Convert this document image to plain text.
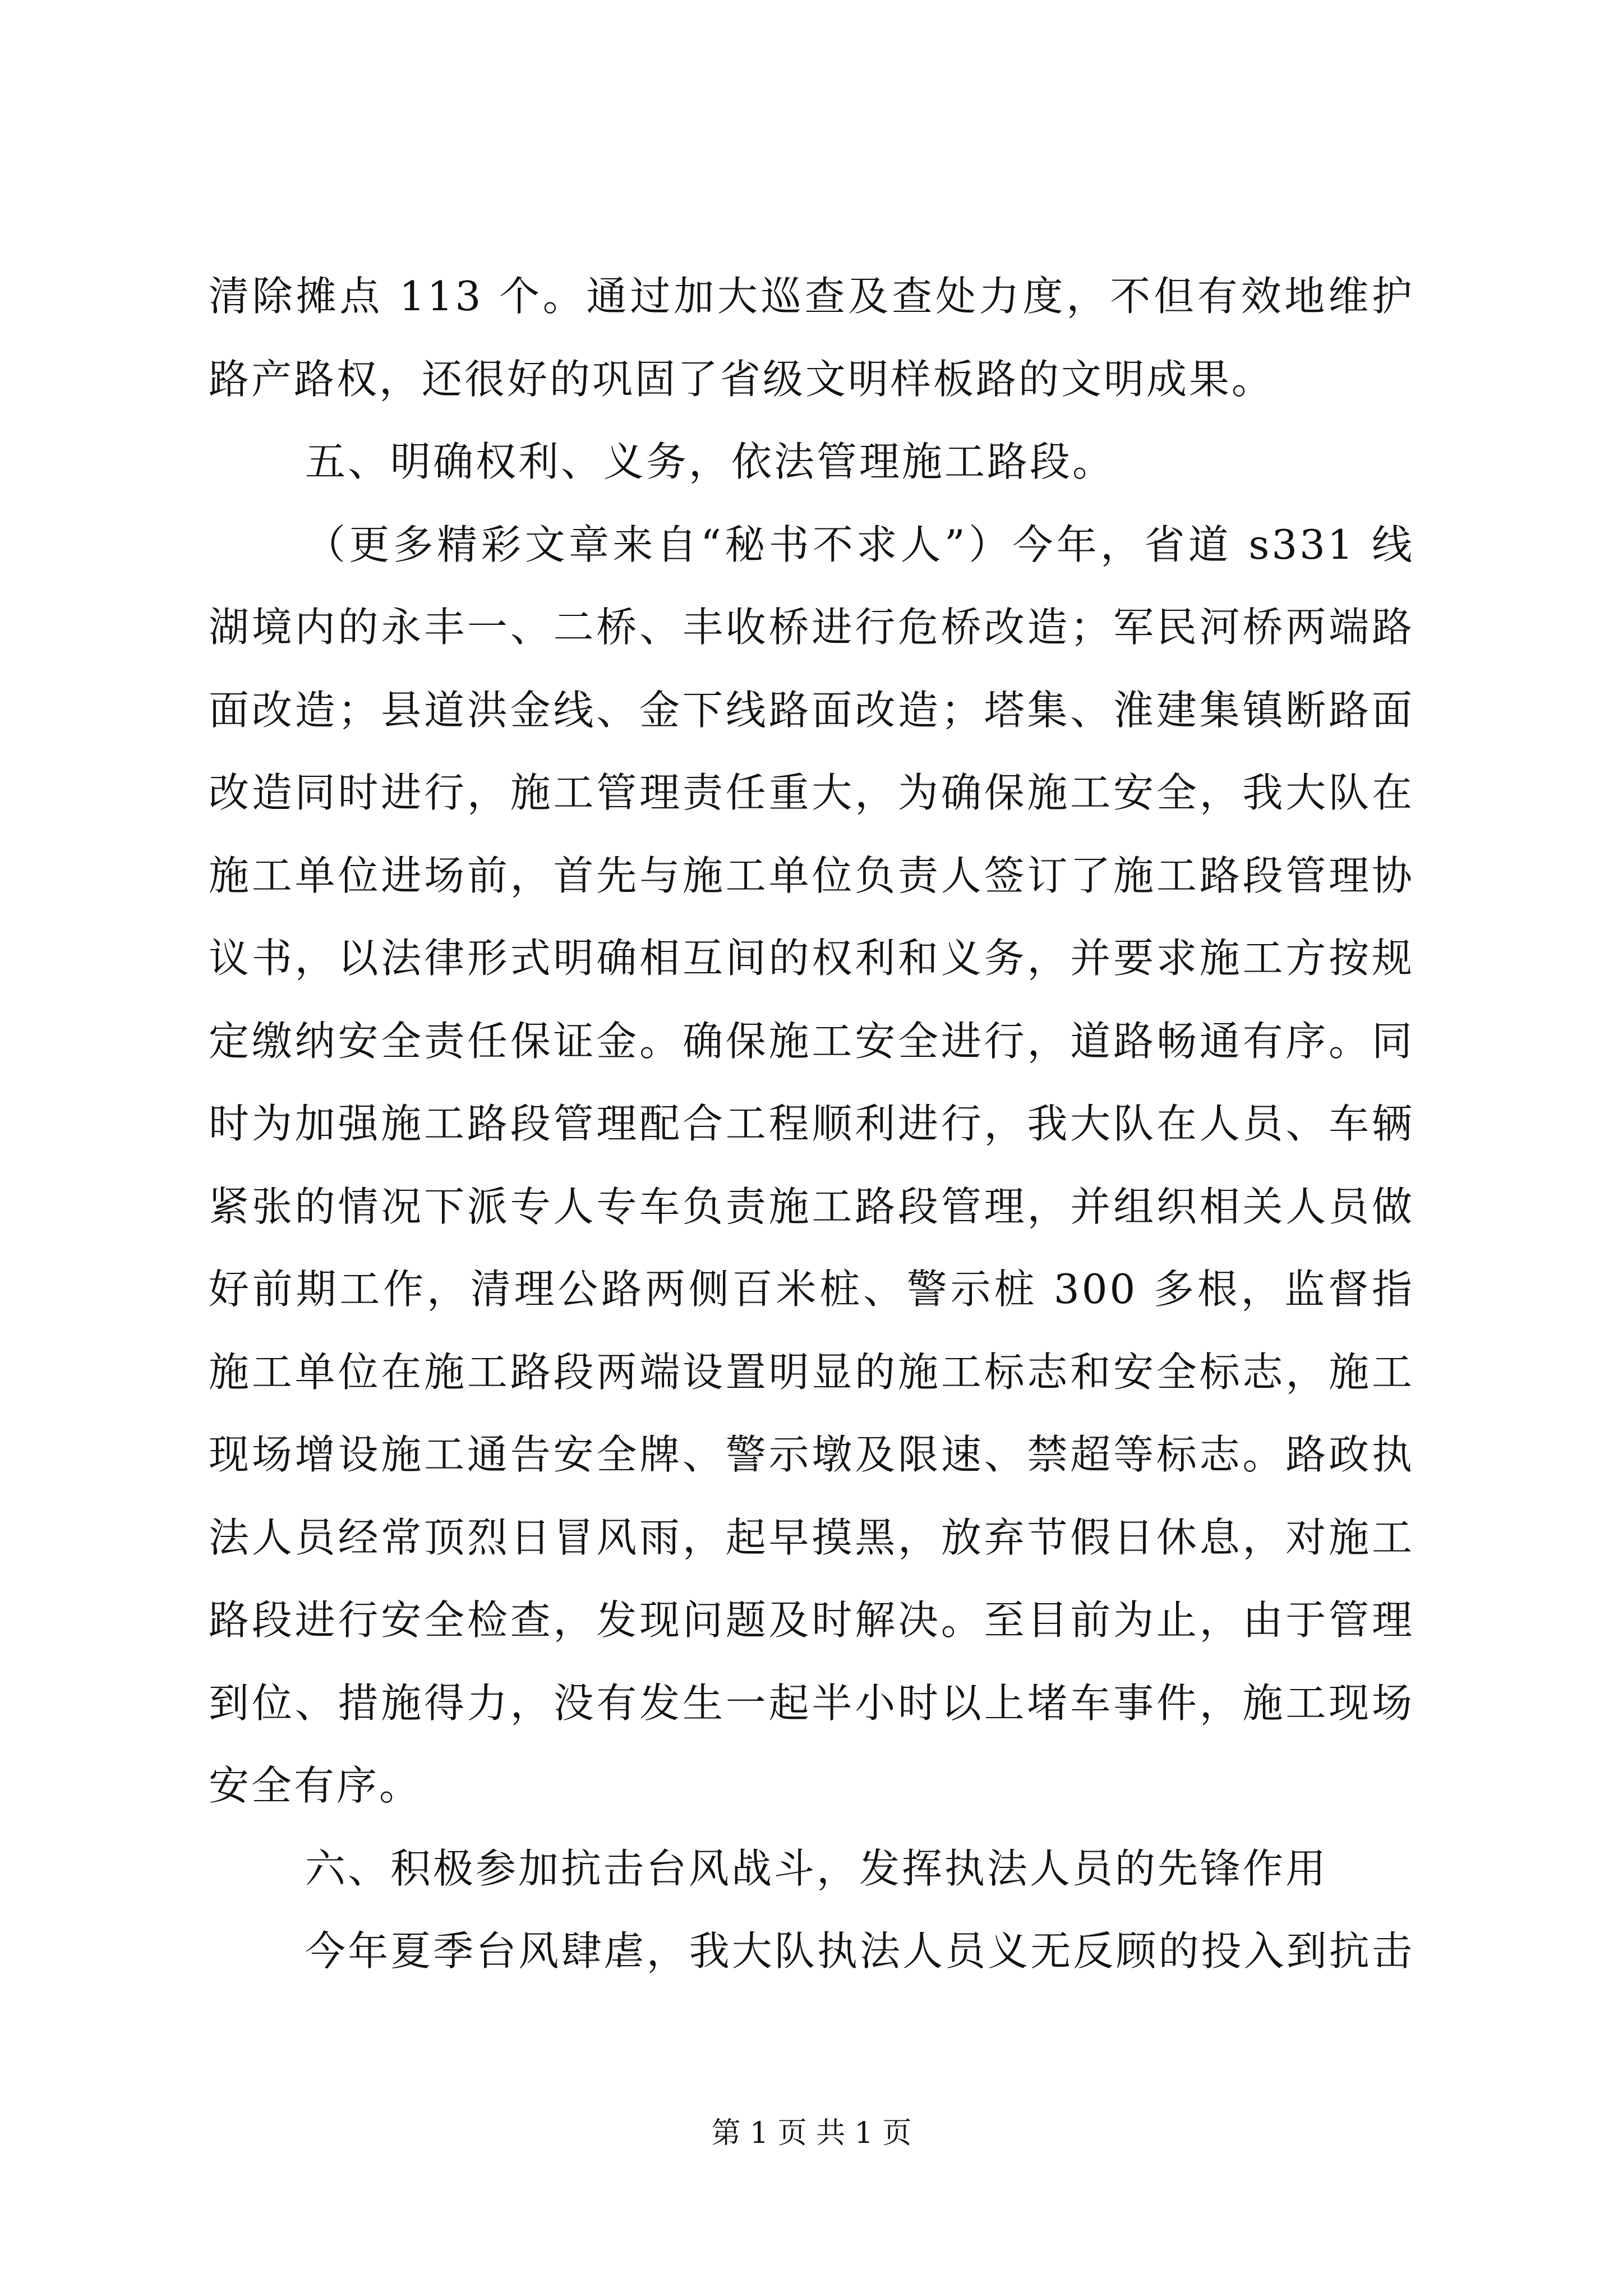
清除摊点 113 个。通过加大巡查及查处力度，不但有效地维护
路产路权，还很好的巩固了省级文明样板路的文明成果。
五、明确权利、义务，依法管理施工路段。
（更多精彩文章来自“秘书不求人”）今年，省道 s331 线
湖境内的永丰一、二桥、丰收桥进行危桥改造；军民河桥两端路
面改造；县道洪金线、金下线路面改造；塔集、淮建集镇断路面
改造同时进行，施工管理责任重大，为确保施工安全，我大队在
施工单位进场前，首先与施工单位负责人签订了施工路段管理协
议书，以法律形式明确相互间的权利和义务，并要求施工方按规
定缴纳安全责任保证金。确保施工安全进行，道路畅通有序。同
时为加强施工路段管理配合工程顺利进行，我大队在人员、车辆
紧张的情况下派专人专车负责施工路段管理，并组织相关人员做
好前期工作，清理公路两侧百米桩、警示桩 300 多根，监督指
施工单位在施工路段两端设置明显的施工标志和安全标志，施工
现场增设施工通告安全牌、警示墩及限速、禁超等标志。路政执
法人员经常顶烈日冒风雨，起早摸黑，放弃节假日休息，对施工
路段进行安全检查，发现问题及时解决。至目前为止，由于管理
到位、措施得力，没有发生一起半小时以上堵车事件，施工现场
安全有序。
六、积极参加抗击台风战斗，发挥执法人员的先锋作用
今年夏季台风肆虐，我大队执法人员义无反顾的投入到抗击
第 1 页 共 1 页
